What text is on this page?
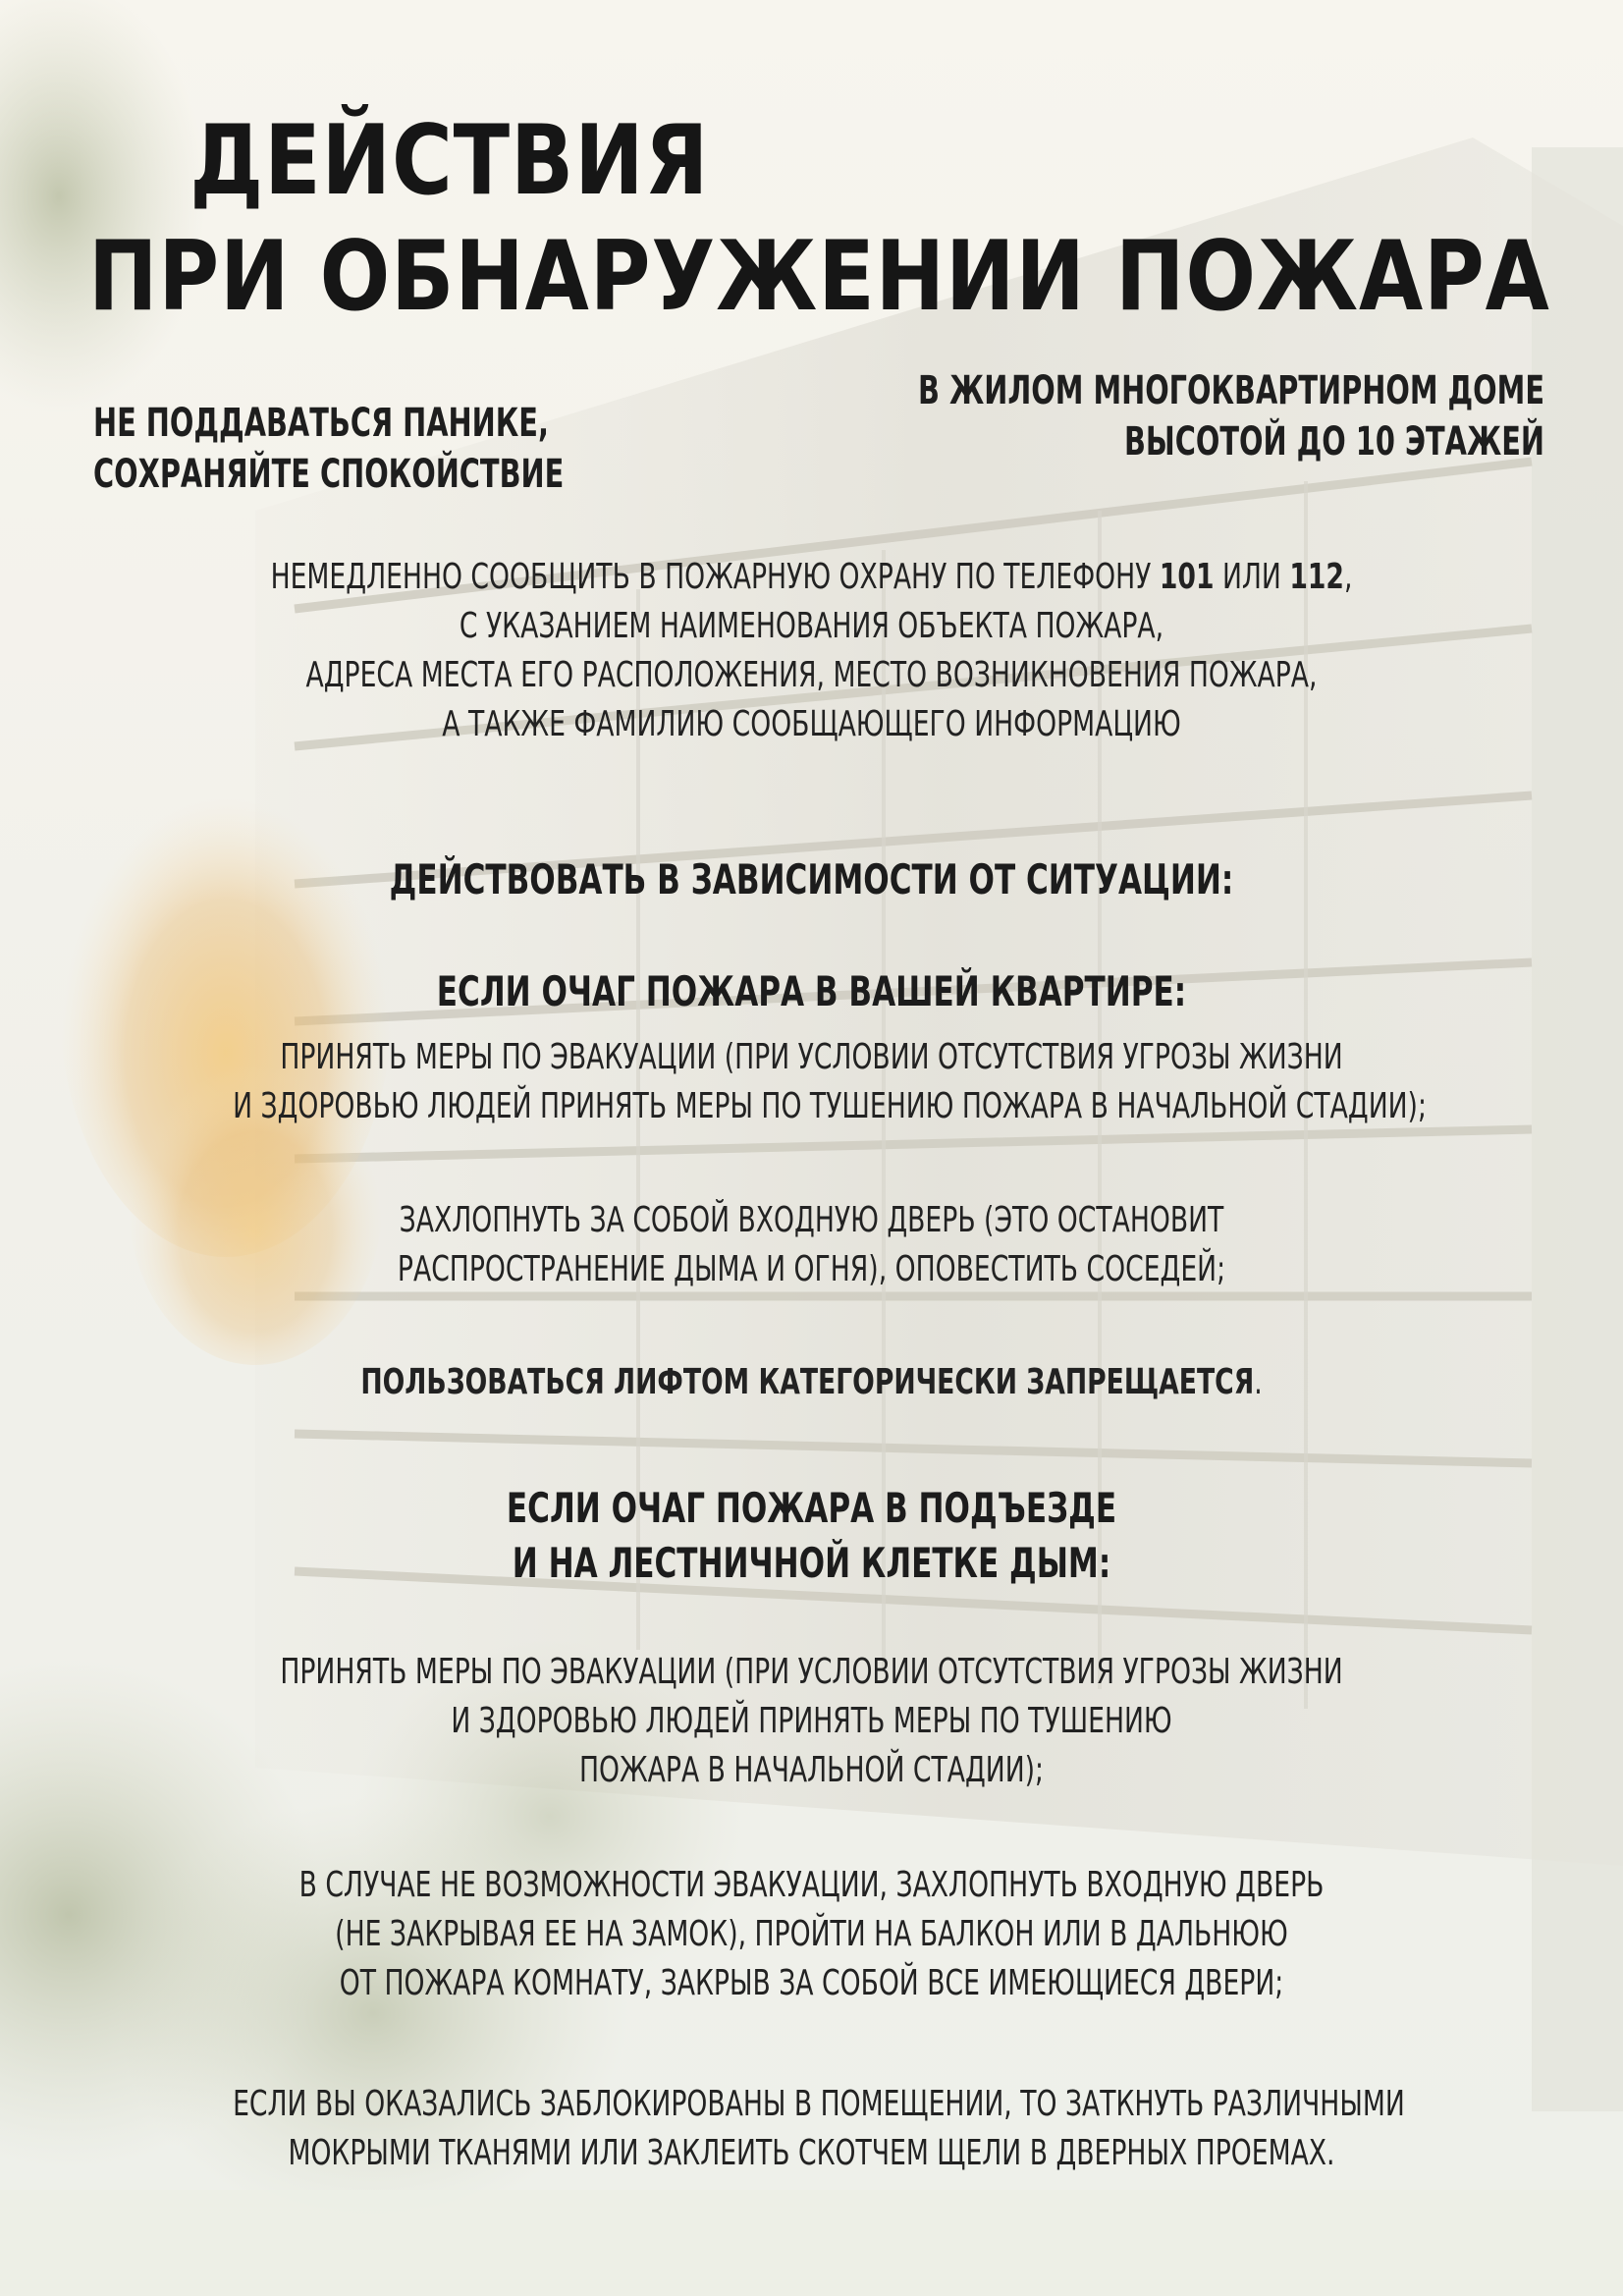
ДЕЙСТВИЯ
ПРИ ОБНАРУЖЕНИИ ПОЖАРА
НЕ ПОДДАВАТЬСЯ ПАНИКЕ,
СОХРАНЯЙТЕ СПОКОЙСТВИЕ
В ЖИЛОМ МНОГОКВАРТИРНОМ ДОМЕ
ВЫСОТОЙ ДО 10 ЭТАЖЕЙ
НЕМЕДЛЕННО СООБЩИТЬ В ПОЖАРНУЮ ОХРАНУ ПО ТЕЛЕФОНУ 101 ИЛИ 112,
С УКАЗАНИЕМ НАИМЕНОВАНИЯ ОБЪЕКТА ПОЖАРА,
АДРЕСА МЕСТА ЕГО РАСПОЛОЖЕНИЯ, МЕСТО ВОЗНИКНОВЕНИЯ ПОЖАРА,
А ТАКЖЕ ФАМИЛИЮ СООБЩАЮЩЕГО ИНФОРМАЦИЮ
ДЕЙСТВОВАТЬ В ЗАВИСИМОСТИ ОТ СИТУАЦИИ:
ЕСЛИ ОЧАГ ПОЖАРА В ВАШЕЙ КВАРТИРЕ:
ПРИНЯТЬ МЕРЫ ПО ЭВАКУАЦИИ (ПРИ УСЛОВИИ ОТСУТСТВИЯ УГРОЗЫ ЖИЗНИ
И ЗДОРОВЬЮ ЛЮДЕЙ ПРИНЯТЬ МЕРЫ ПО ТУШЕНИЮ ПОЖАРА В НАЧАЛЬНОЙ СТАДИИ);
ЗАХЛОПНУТЬ ЗА СОБОЙ ВХОДНУЮ ДВЕРЬ (ЭТО ОСТАНОВИТ
РАСПРОСТРАНЕНИЕ ДЫМА И ОГНЯ), ОПОВЕСТИТЬ СОСЕДЕЙ;
ПОЛЬЗОВАТЬСЯ ЛИФТОМ КАТЕГОРИЧЕСКИ ЗАПРЕЩАЕТСЯ.
ЕСЛИ ОЧАГ ПОЖАРА В ПОДЪЕЗДЕ
И НА ЛЕСТНИЧНОЙ КЛЕТКЕ ДЫМ:
ПРИНЯТЬ МЕРЫ ПО ЭВАКУАЦИИ (ПРИ УСЛОВИИ ОТСУТСТВИЯ УГРОЗЫ ЖИЗНИ
И ЗДОРОВЬЮ ЛЮДЕЙ ПРИНЯТЬ МЕРЫ ПО ТУШЕНИЮ
ПОЖАРА В НАЧАЛЬНОЙ СТАДИИ);
В СЛУЧАЕ НЕ ВОЗМОЖНОСТИ ЭВАКУАЦИИ, ЗАХЛОПНУТЬ ВХОДНУЮ ДВЕРЬ
(НЕ ЗАКРЫВАЯ ЕЕ НА ЗАМОК), ПРОЙТИ НА БАЛКОН ИЛИ В ДАЛЬНЮЮ
ОТ ПОЖАРА КОМНАТУ, ЗАКРЫВ ЗА СОБОЙ ВСЕ ИМЕЮЩИЕСЯ ДВЕРИ;
ЕСЛИ ВЫ ОКАЗАЛИСЬ ЗАБЛОКИРОВАНЫ В ПОМЕЩЕНИИ, ТО ЗАТКНУТЬ РАЗЛИЧНЫМИ
МОКРЫМИ ТКАНЯМИ ИЛИ ЗАКЛЕИТЬ СКОТЧЕМ ЩЕЛИ В ДВЕРНЫХ ПРОЕМАХ.
